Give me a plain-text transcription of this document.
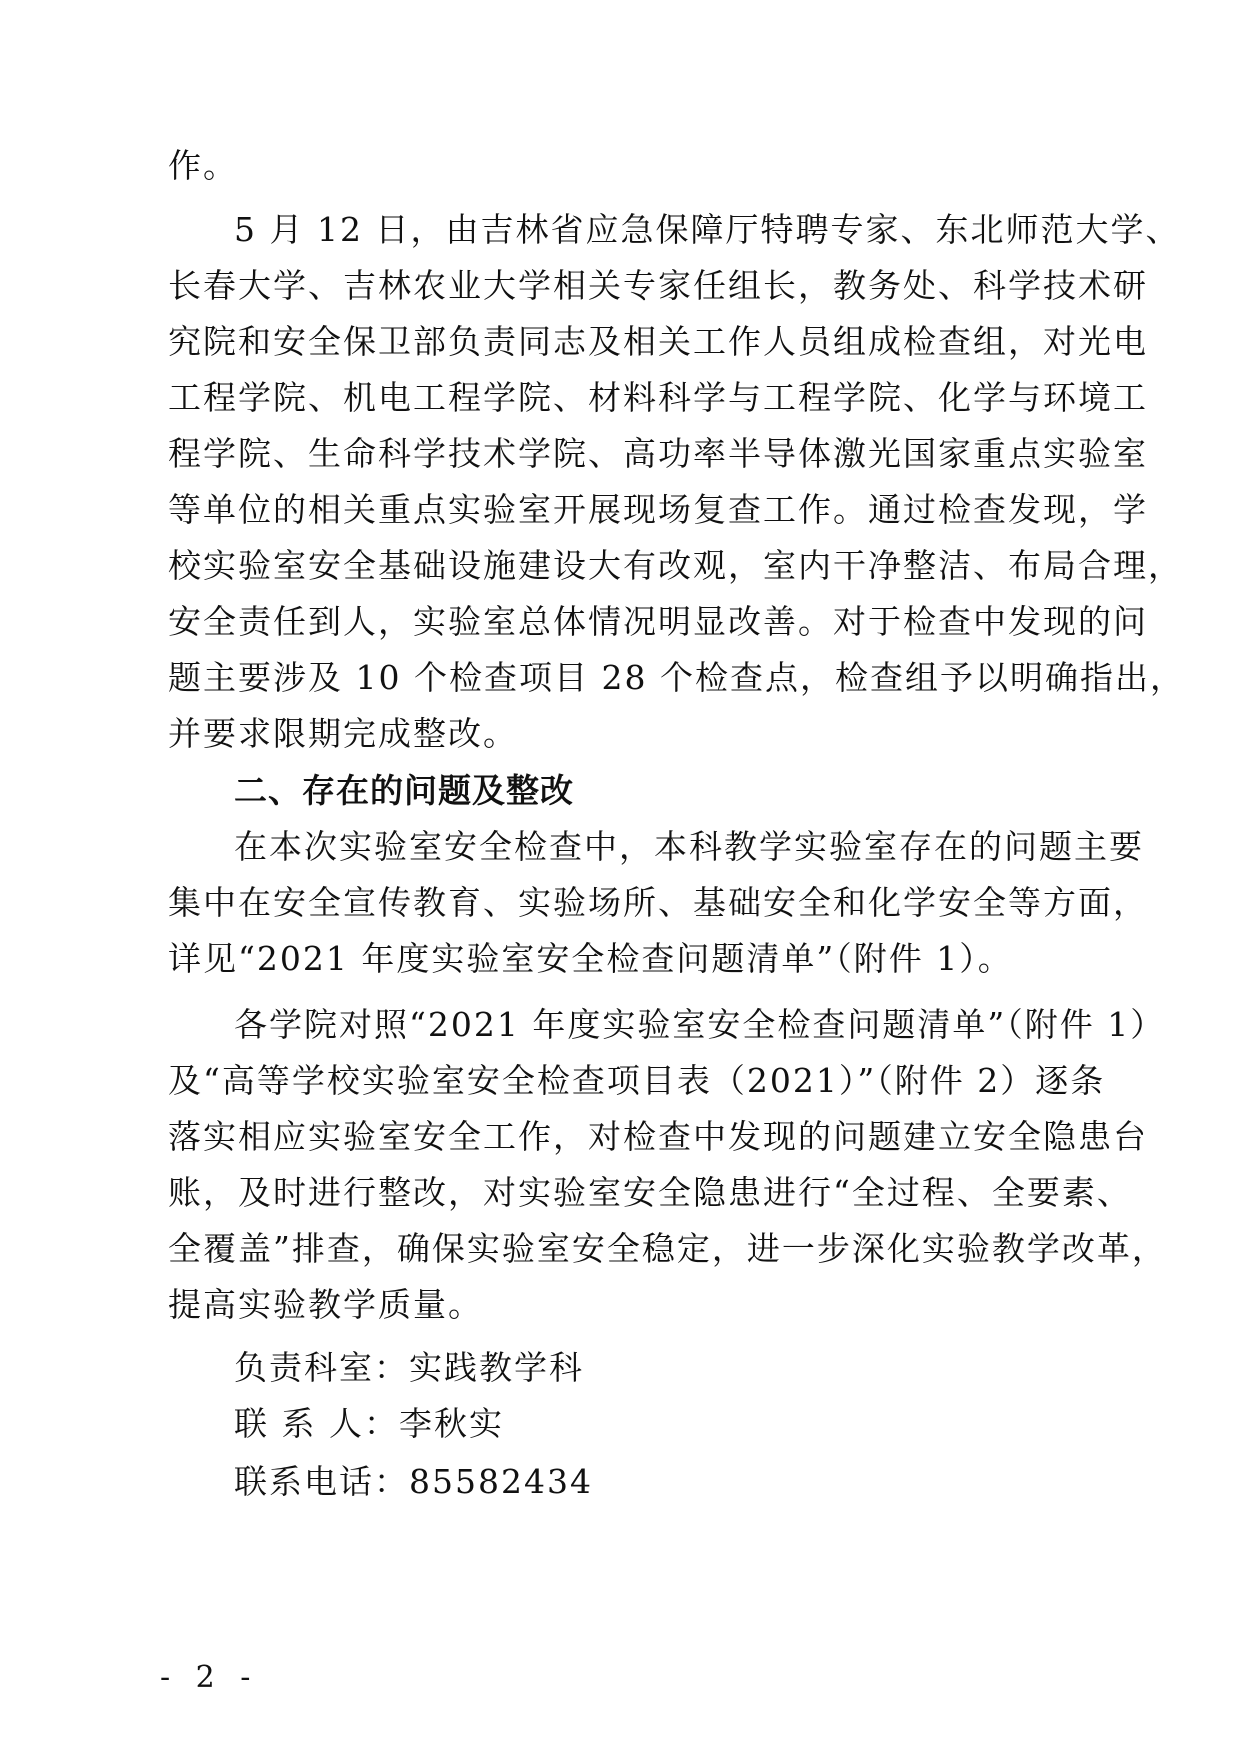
作。
5 月 12 日，由吉林省应急保障厅特聘专家、东北师范大学、
长春大学、吉林农业大学相关专家任组长，教务处、科学技术研
究院和安全保卫部负责同志及相关工作人员组成检查组，对光电
工程学院、机电工程学院、材料科学与工程学院、化学与环境工
程学院、生命科学技术学院、高功率半导体激光国家重点实验室
等单位的相关重点实验室开展现场复查工作。通过检查发现，学
校实验室安全基础设施建设大有改观，室内干净整洁、布局合理，
安全责任到人，实验室总体情况明显改善。对于检查中发现的问
题主要涉及 10 个检查项目 28 个检查点，检查组予以明确指出，
并要求限期完成整改。
二、存在的问题及整改
在本次实验室安全检查中，本科教学实验室存在的问题主要
集中在安全宣传教育、实验场所、基础安全和化学安全等方面，
详见“2021 年度实验室安全检查问题清单”（附件 1）。
各学院对照“2021 年度实验室安全检查问题清单”（附件 1）
及“高等学校实验室安全检查项目表（2021）”（附件 2）逐条
落实相应实验室安全工作，对检查中发现的问题建立安全隐患台
账，及时进行整改，对实验室安全隐患进行“全过程、全要素、
全覆盖”排查，确保实验室安全稳定，进一步深化实验教学改革，
提高实验教学质量。
负责科室：实践教学科
联 系 人：李秋实
联系电话：85582434
- 2 -
